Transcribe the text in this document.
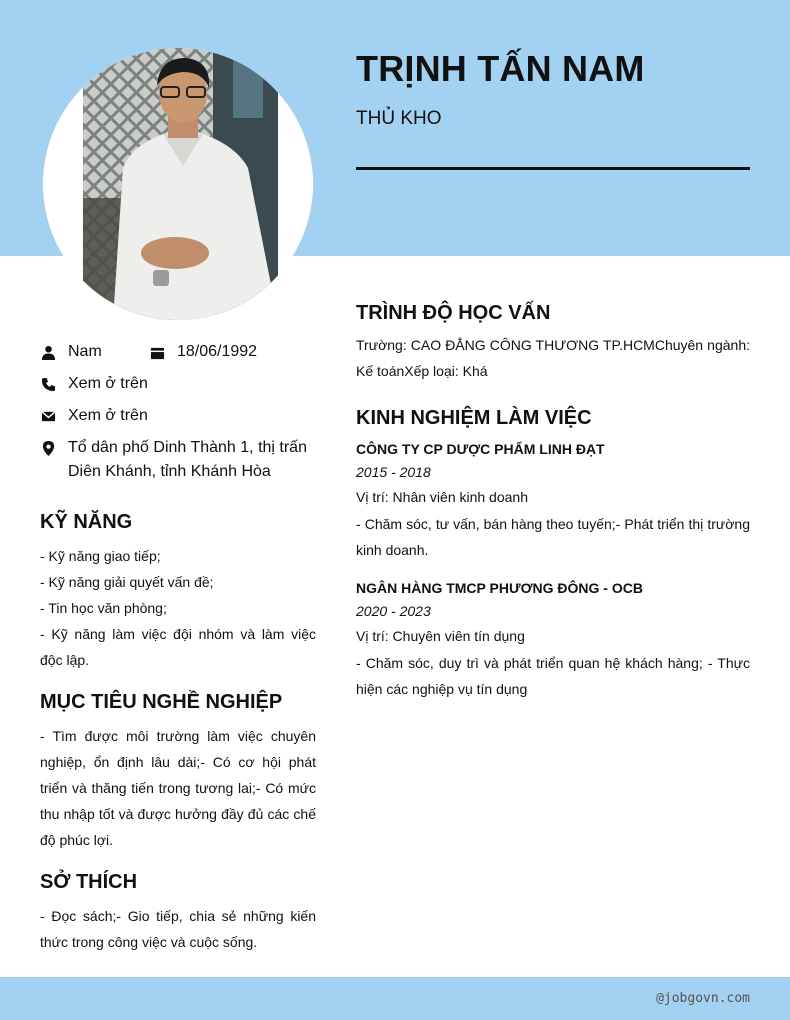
TRỊNH TẤN NAM
THỦ KHO
Nam	18/06/1992
Xem ở trên
Xem ở trên
Tổ dân phố Dinh Thành 1, thị trấn Diên Khánh, tỉnh Khánh Hòa
KỸ NĂNG
- Kỹ năng giao tiếp;
- Kỹ năng giải quyết vấn đề;
- Tin học văn phòng;
- Kỹ năng làm việc đội nhóm và làm việc độc lập.
MỤC TIÊU NGHỀ NGHIỆP

- Tìm được môi trường làm việc chuyên nghiệp, ổn định lâu dài;- Có cơ hội phát triển và thăng tiến trong tương lai;- Có mức thu nhập tốt và được hưởng đầy đủ các chế độ phúc lợi.

SỞ THÍCH

- Đọc sách;- Gio tiếp, chia sẻ những kiến thức trong công việc và cuộc sống.

TRÌNH ĐỘ HỌC VẤN

Trường: CAO ĐẲNG CÔNG THƯƠNG TP.HCMChuyên ngành: Kế toánXếp loại: Khá

KINH NGHIỆM LÀM VIỆC
CÔNG TY CP DƯỢC PHẨM LINH ĐẠT
2015 - 2018
Vị trí: Nhân viên kinh doanh

- Chăm sóc, tư vấn, bán hàng theo tuyến;- Phát triển thị trường kinh doanh.

NGÂN HÀNG TMCP PHƯƠNG ĐÔNG - OCB
2020 - 2023
Vị trí: Chuyên viên tín dụng

- Chăm sóc, duy trì và phát triển quan hệ khách hàng; - Thực hiện các nghiệp vụ tín dụng

@jobgovn.com
